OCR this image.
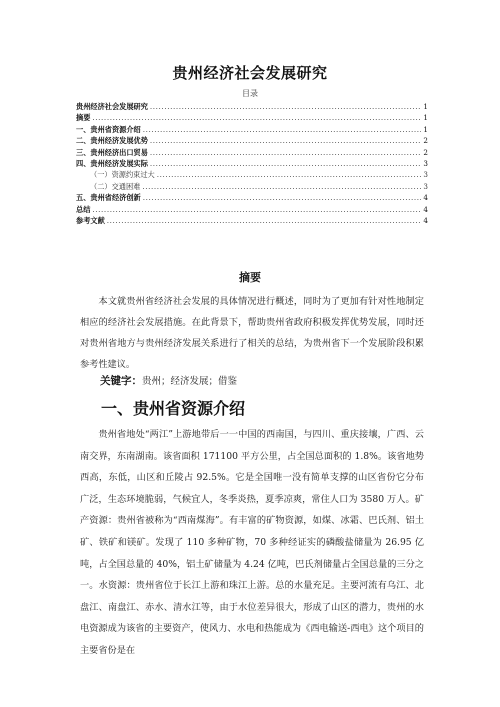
贵州经济社会发展研究
目录
贵州经济社会发展研究 .....	1
摘要 .....	1
一、贵州省资源介绍 .....	1
二、贵州经济发展优势 .....	2
三、贵州经济出口贸易 .....	2
四、贵州经济发展实际 .....	3
（一）资源约束过大 .....	3
（二）交通困难 .....	3
五、贵州省经济创新 .....	4
总结 .....	4
参考文献 .....	4
摘要
本文就贵州省经济社会发展的具体情况进行概述，同时为了更加有针对性地制定相应的经济社会发展措施。在此背景下，帮助贵州省政府积极发挥优势发展，同时还对贵州省地方与贵州经济发展关系进行了相关的总结，为贵州省下一个发展阶段积累参考性建议。
关键字：贵州；经济发展；借鉴
一、贵州省资源介绍
贵州省地处“两江”上游地带后一一中国的西南国，与四川、重庆接壤，广西、云南交界，东南湖南。该省面积 171100 平方公里，占全国总面积的 1.8%。该省地势西高，东低，山区和丘陵占 92.5%。它是全国唯一没有简单支撑的山区省份它分布广泛，生态环境脆弱，气候宜人，冬季炎热，夏季凉爽，常住人口为 3580 万人。矿产资源：贵州省被称为“西南煤海”。有丰富的矿物资源，如煤、冰霜、巴氏剂、铝土矿、铁矿和镁矿。发现了 110 多种矿物，70 多种经证实的磷酸盐储量为 26.95 亿吨，占全国总量的 40%，铝土矿储量为 4.24 亿吨，巴氏剂储量占全国总量的三分之一。水资源：贵州省位于长江上游和珠江上游。总的水量充足。主要河流有乌江、北盘江、南盘江、赤水、清水江等，由于水位差异很大，形成了山区的潜力，贵州的水电资源成为该省的主要资产，使风力、水电和热能成为《西电输送-西电》这个项目的主要省份是在
